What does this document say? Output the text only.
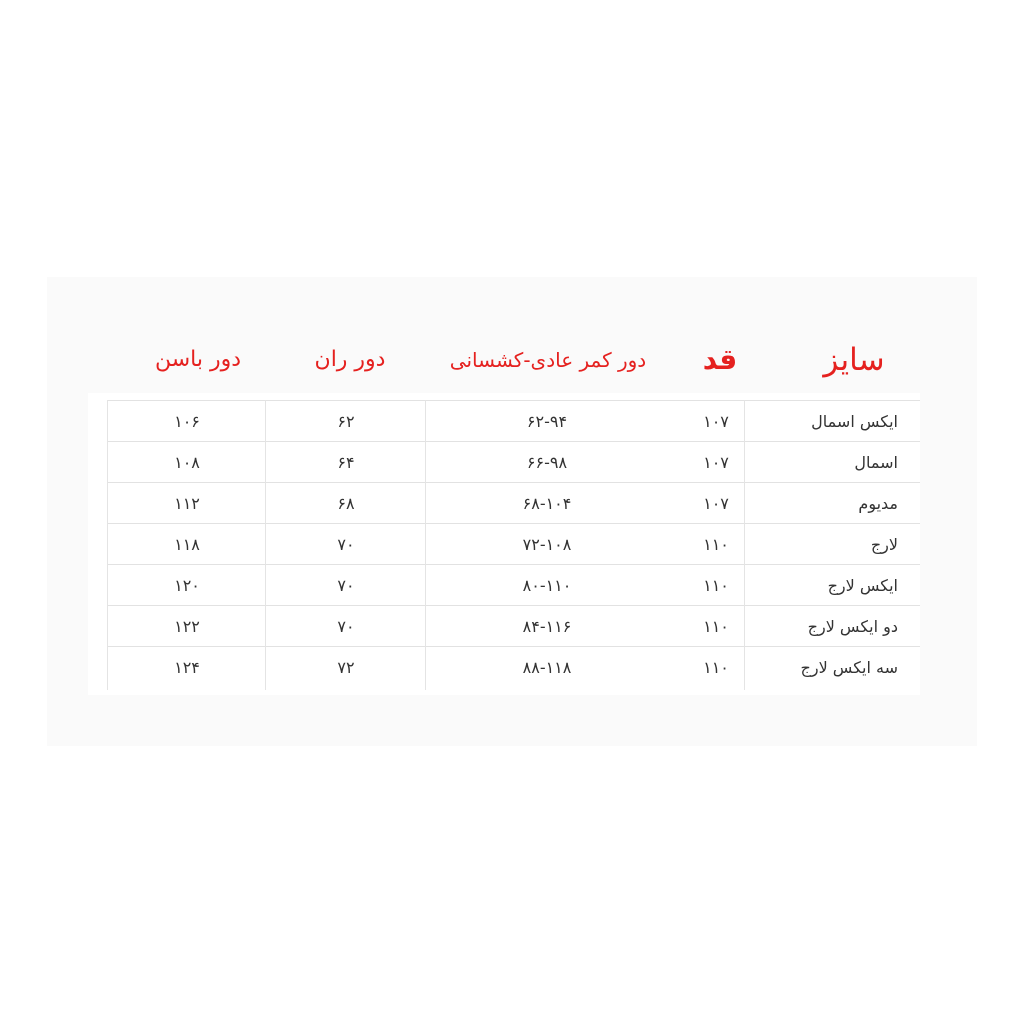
سایز
قد
دور کمر عادی-کشسانی
دور ران
دور باسن
ایکس اسمال
۱۰۷
۶۲-۹۴
۶۲
۱۰۶
اسمال
۱۰۷
۶۶-۹۸
۶۴
۱۰۸
مدیوم
۱۰۷
۶۸-۱۰۴
۶۸
۱۱۲
لارج
۱۱۰
۷۲-۱۰۸
۷۰
۱۱۸
ایکس لارج
۱۱۰
۸۰-۱۱۰
۷۰
۱۲۰
دو ایکس لارج
۱۱۰
۸۴-۱۱۶
۷۰
۱۲۲
سه ایکس لارج
۱۱۰
۸۸-۱۱۸
۷۲
۱۲۴
